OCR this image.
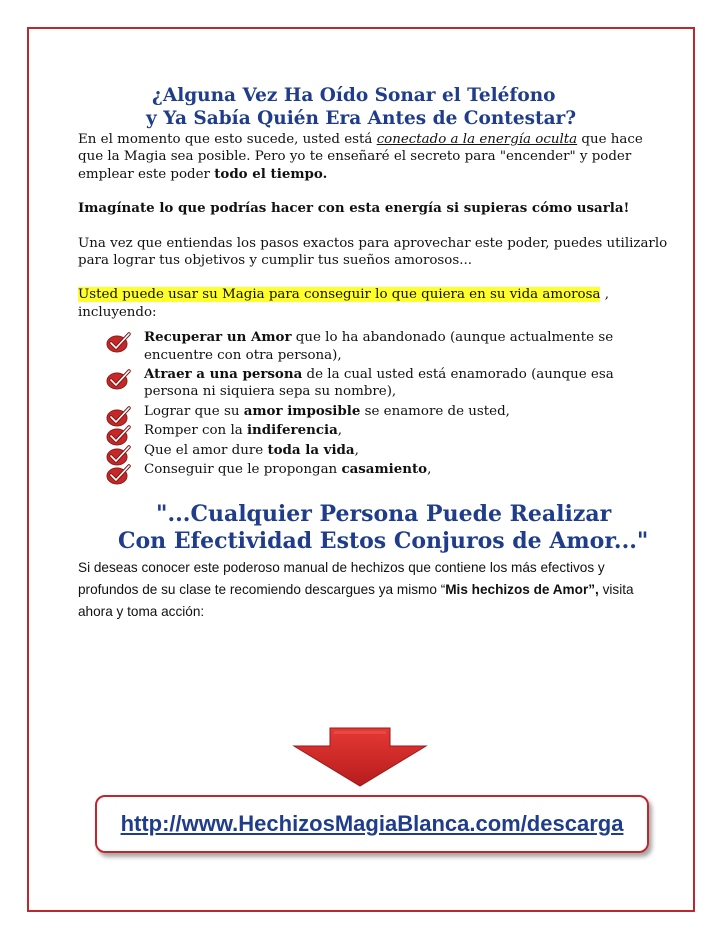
¿Alguna Vez Ha Oído Sonar el Teléfono
y Ya Sabía Quién Era Antes de Contestar?

En el momento que esto sucede, usted está conectado a la energía oculta que hace que la Magia sea posible. Pero yo te enseñaré el secreto para "encender" y poder emplear este poder todo el tiempo.

Imagínate lo que podrías hacer con esta energía si supieras cómo usarla!

Una vez que entiendas los pasos exactos para aprovechar este poder, puedes utilizarlo para lograr tus objetivos y cumplir tus sueños amorosos...

Usted puede usar su Magia para conseguir lo que quiera en su vida amorosa , incluyendo:

Recuperar un Amor que lo ha abandonado (aunque actualmente se encuentre con otra persona),
Atraer a una persona de la cual usted está enamorado (aunque esa persona ni siquiera sepa su nombre),
Lograr que su amor imposible se enamore de usted,
Romper con la indiferencia,
Que el amor dure toda la vida,
Conseguir que le propongan casamiento,
"...Cualquier Persona Puede Realizar
Con Efectividad Estos Conjuros de Amor..."

Si deseas conocer este poderoso manual de hechizos que contiene los más efectivos y profundos de su clase te recomiendo descargues ya mismo “Mis hechizos de Amor”, visita ahora y toma acción:

http://www.HechizosMagiaBlanca.com/descarga
